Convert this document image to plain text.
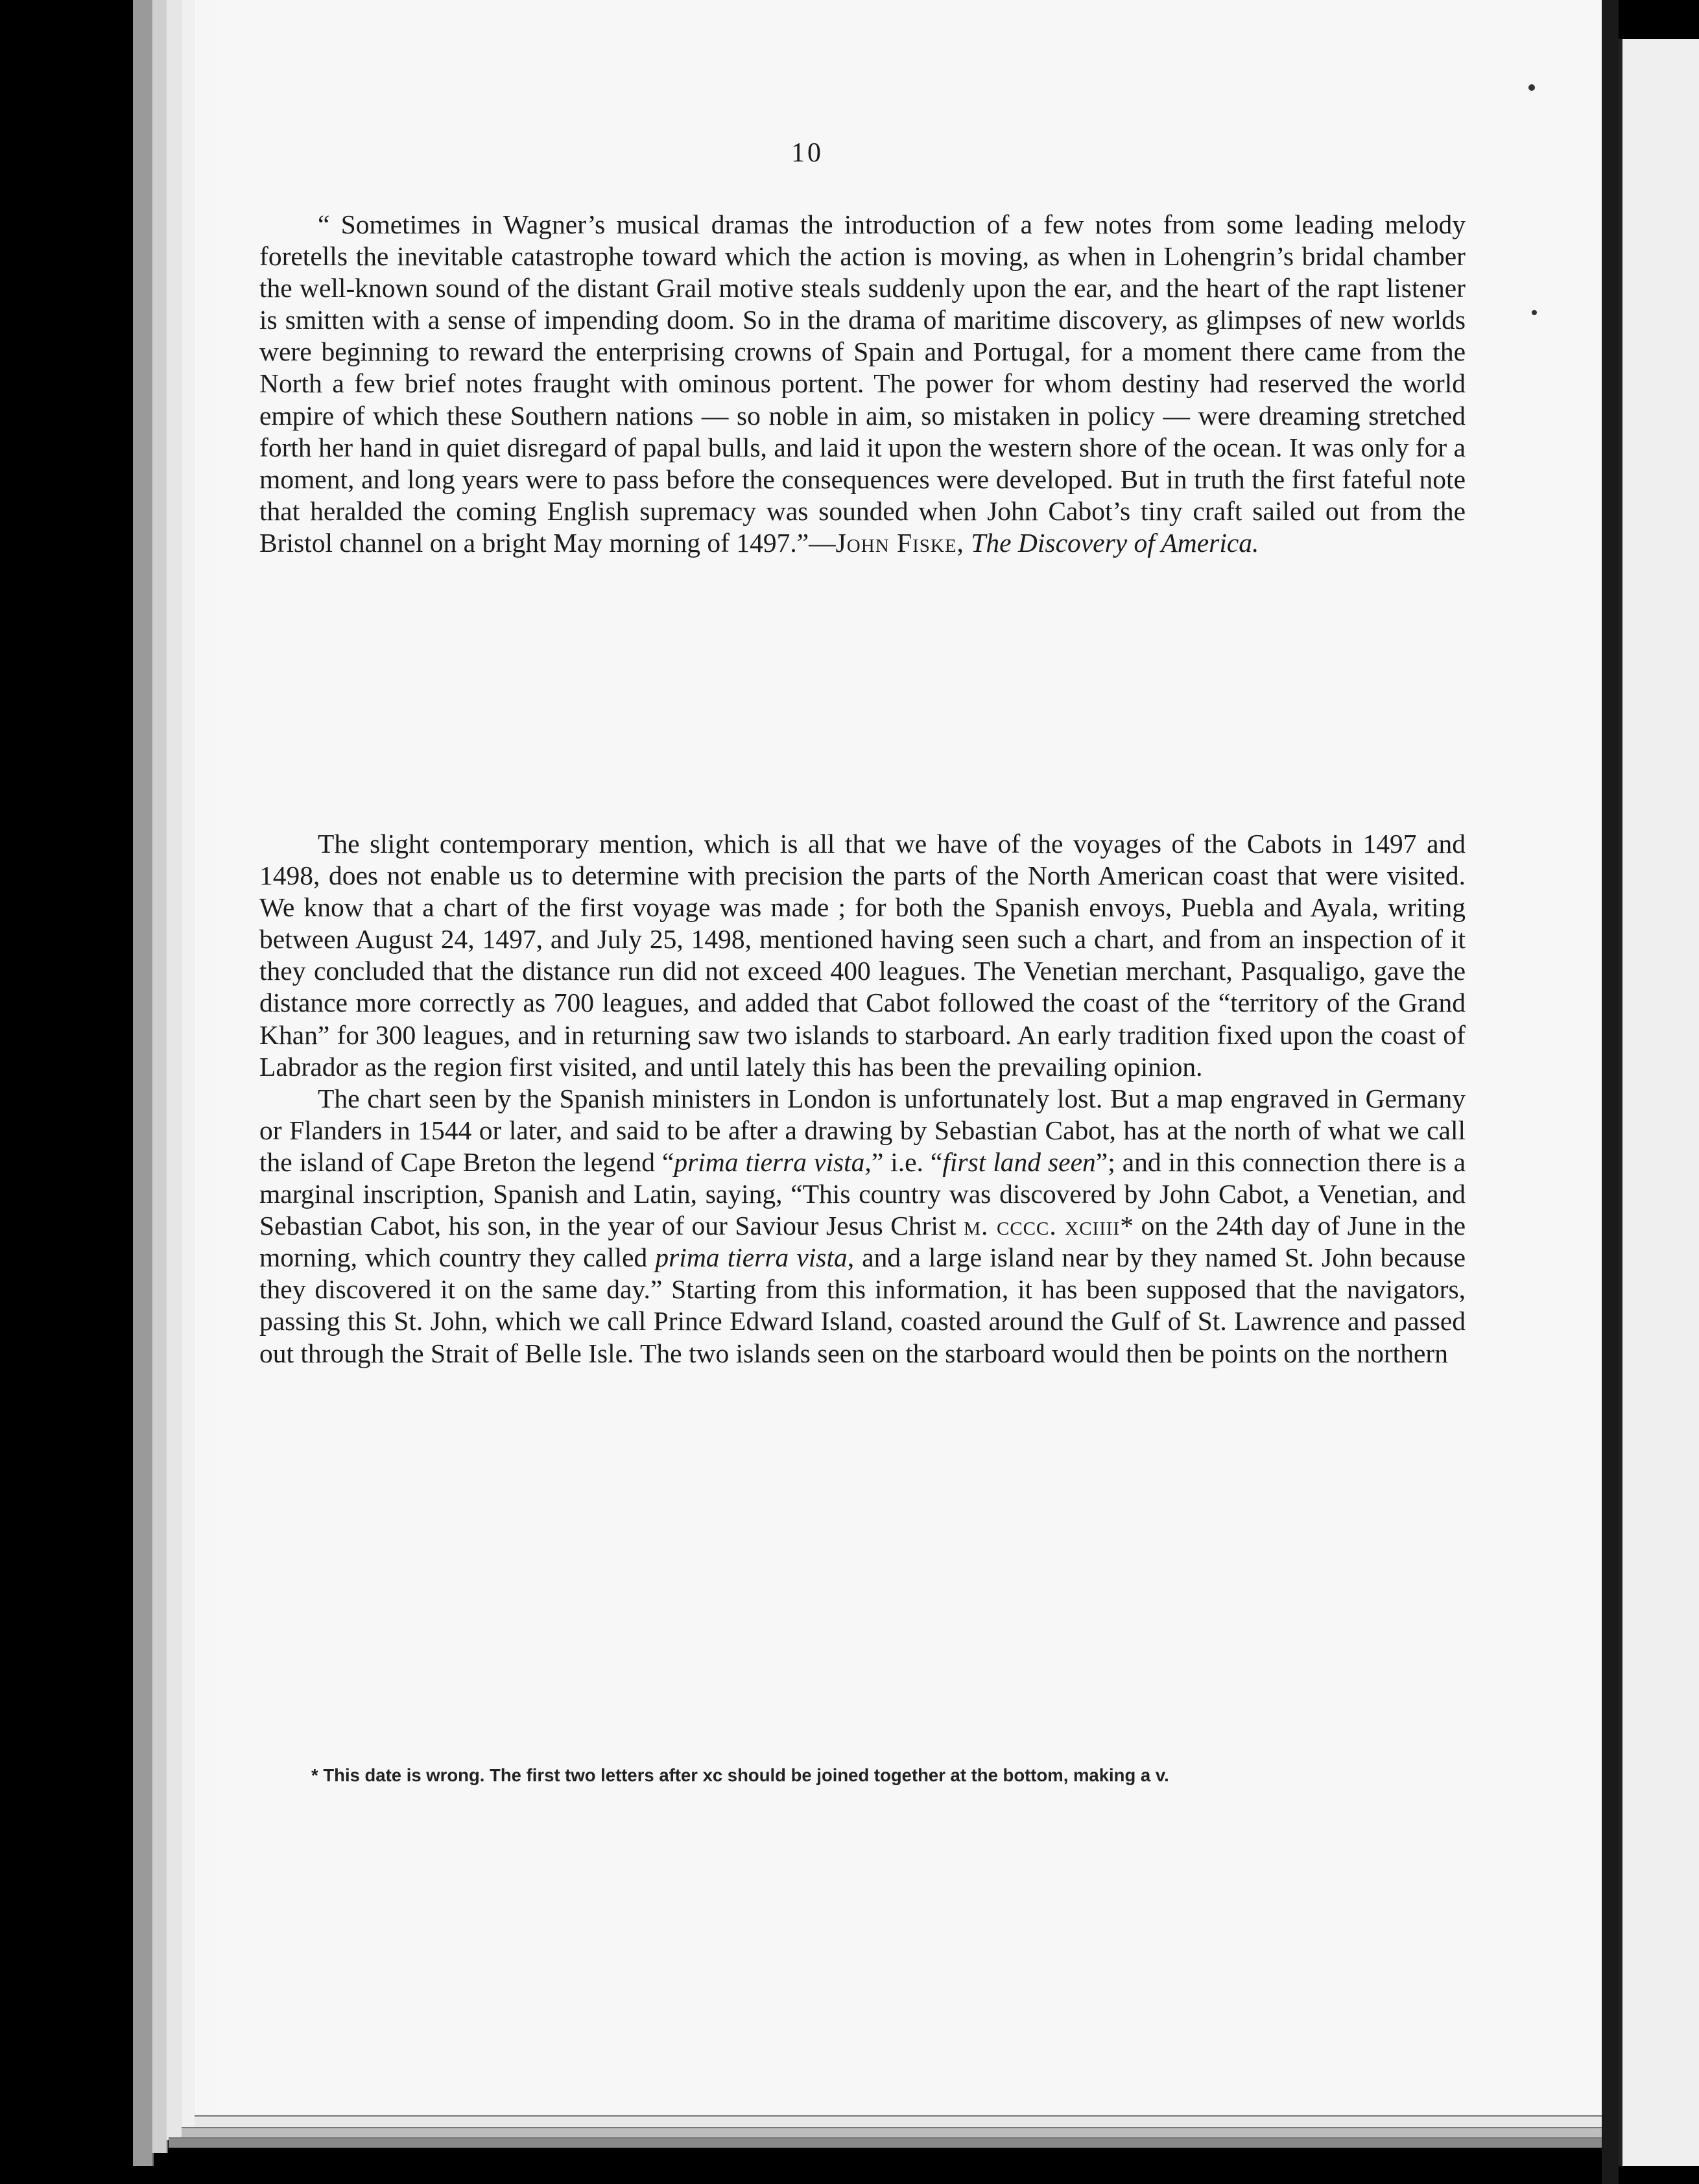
10

“ Sometimes in Wagner’s musical dramas the introduction of a few notes from some leading melody foretells the inevitable catastrophe toward which the action is moving, as when in Lohengrin’s bridal chamber the well-known sound of the distant Grail motive steals suddenly upon the ear, and the heart of the rapt listener is smitten with a sense of impending doom. So in the drama of maritime discovery, as glimpses of new worlds were beginning to reward the enterprising crowns of Spain and Portugal, for a moment there came from the North a few brief notes fraught with ominous portent. The power for whom destiny had reserved the world empire of which these Southern nations — so noble in aim, so mistaken in policy — were dreaming stretched forth her hand in quiet disregard of papal bulls, and laid it upon the western shore of the ocean. It was only for a moment, and long years were to pass before the consequences were developed. But in truth the first fateful note that heralded the coming English supremacy was sounded when John Cabot’s tiny craft sailed out from the Bristol channel on a bright May morning of 1497.”—John Fiske, The Discovery of America.

The slight contemporary mention, which is all that we have of the voyages of the Cabots in 1497 and 1498, does not enable us to determine with precision the parts of the North American coast that were visited. We know that a chart of the first voyage was made ; for both the Spanish envoys, Puebla and Ayala, writing between August 24, 1497, and July 25, 1498, mentioned having seen such a chart, and from an inspection of it they concluded that the distance run did not exceed 400 leagues. The Venetian merchant, Pasqualigo, gave the distance more correctly as 700 leagues, and added that Cabot followed the coast of the “territory of the Grand Khan” for 300 leagues, and in returning saw two islands to starboard. An early tradition fixed upon the coast of Labrador as the region first visited, and until lately this has been the prevailing opinion.

The chart seen by the Spanish ministers in London is unfortunately lost. But a map engraved in Germany or Flanders in 1544 or later, and said to be after a drawing by Sebastian Cabot, has at the north of what we call the island of Cape Breton the legend “prima tierra vista,” i.e. “first land seen”; and in this connection there is a marginal inscription, Spanish and Latin, saying, “This country was discovered by John Cabot, a Venetian, and Sebastian Cabot, his son, in the year of our Saviour Jesus Christ m. cccc. xciiii* on the 24th day of June in the morning, which country they called prima tierra vista, and a large island near by they named St. John because they discovered it on the same day.” Starting from this information, it has been supposed that the navigators, passing this St. John, which we call Prince Edward Island, coasted around the Gulf of St. Lawrence and passed out through the Strait of Belle Isle. The two islands seen on the starboard would then be points on the northern

* This date is wrong. The first two letters after xc should be joined together at the bottom, making a v.
